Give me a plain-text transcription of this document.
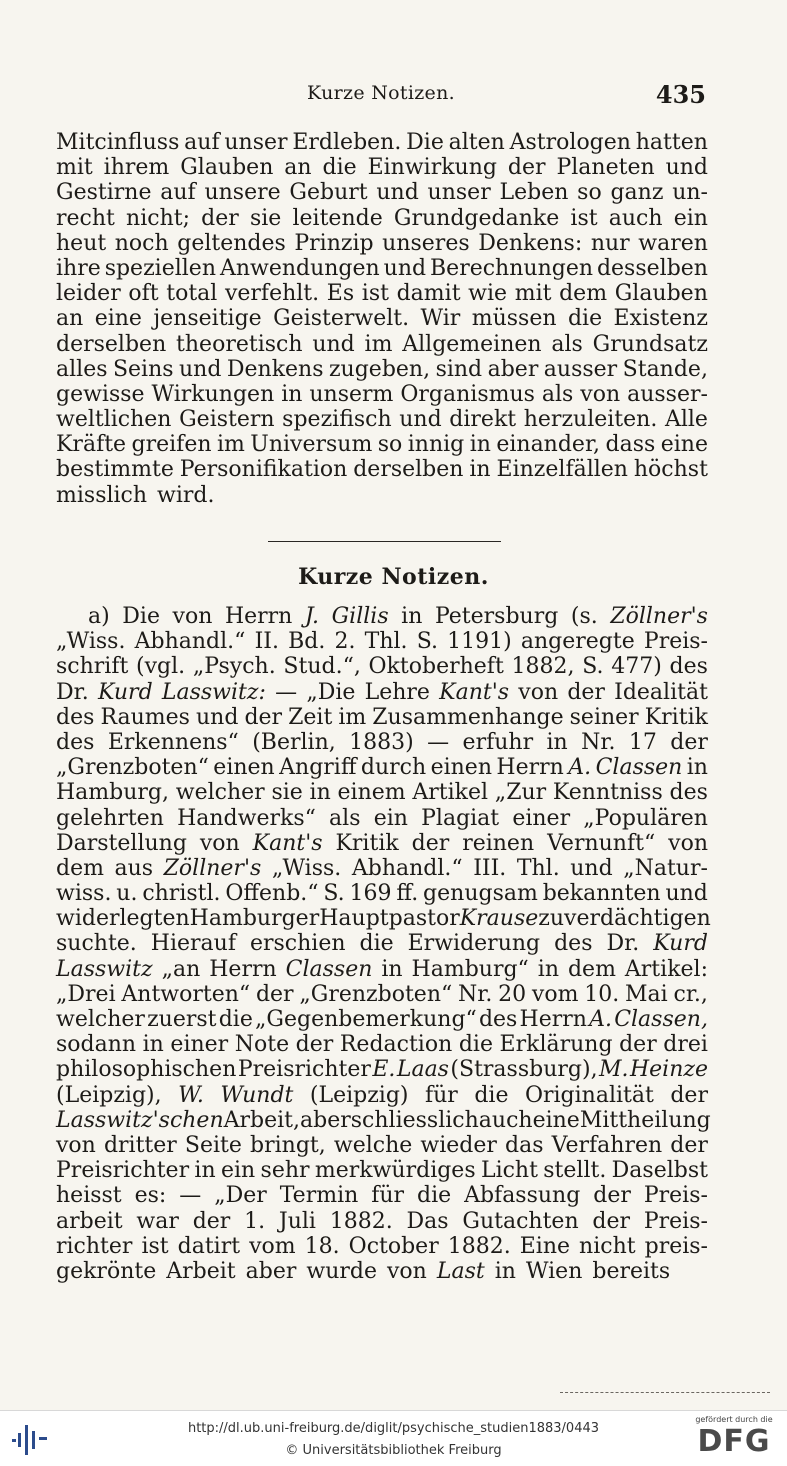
Kurze Notizen.	435
Mitcinfluss auf unser Erdleben. Die alten Astrologen hatten
mit ihrem Glauben an die Einwirkung der Planeten und
Gestirne auf unsere Geburt und unser Leben so ganz un-
recht nicht; der sie leitende Grundgedanke ist auch ein
heut noch geltendes Prinzip unseres Denkens: nur waren
ihre speziellen Anwendungen und Berechnungen desselben
leider oft total verfehlt. Es ist damit wie mit dem Glauben
an eine jenseitige Geisterwelt. Wir müssen die Existenz
derselben theoretisch und im Allgemeinen als Grundsatz
alles Seins und Denkens zugeben, sind aber ausser Stande,
gewisse Wirkungen in unserm Organismus als von ausser-
weltlichen Geistern spezifisch und direkt herzuleiten. Alle
Kräfte greifen im Universum so innig in einander, dass eine
bestimmte Personifikation derselben in Einzelfällen höchst
misslich wird.
Kurze Notizen.
a) Die von Herrn J. Gillis in Petersburg (s. Zöllner's
„Wiss. Abhandl.“ II. Bd. 2. Thl. S. 1191) angeregte Preis-
schrift (vgl. „Psych. Stud.“, Oktoberheft 1882, S. 477) des
Dr. Kurd Lasswitz: — „Die Lehre Kant's von der Idealität
des Raumes und der Zeit im Zusammenhange seiner Kritik
des Erkennens“ (Berlin, 1883) — erfuhr in Nr. 17 der
„Grenzboten“ einen Angriff durch einen Herrn A. Classen in
Hamburg, welcher sie in einem Artikel „Zur Kenntniss des
gelehrten Handwerks“ als ein Plagiat einer „Populären
Darstellung von Kant's Kritik der reinen Vernunft“ von
dem aus Zöllner's „Wiss. Abhandl.“ III. Thl. und „Natur-
wiss. u. christl. Offenb.“ S. 169 ff. genugsam bekannten und
widerlegten Hamburger Hauptpastor Krause zu verdächtigen
suchte. Hierauf erschien die Erwiderung des Dr. Kurd
Lasswitz „an Herrn Classen in Hamburg“ in dem Artikel:
„Drei Antworten“ der „Grenzboten“ Nr. 20 vom 10. Mai cr.,
welcher zuerst die „Gegenbemerkung“ des Herrn A. Classen,
sodann in einer Note der Redaction die Erklärung der drei
philosophischen Preisrichter E. Laas (Strassburg), M. Heinze
(Leipzig), W. Wundt (Leipzig) für die Originalität der
Lasswitz'schen Arbeit, aber schliesslich auch eine Mittheilung
von dritter Seite bringt, welche wieder das Verfahren der
Preisrichter in ein sehr merkwürdiges Licht stellt. Daselbst
heisst es: — „Der Termin für die Abfassung der Preis-
arbeit war der 1. Juli 1882. Das Gutachten der Preis-
richter ist datirt vom 18. October 1882. Eine nicht preis-
gekrönte Arbeit aber wurde von Last in Wien bereits
http://dl.ub.uni-freiburg.de/diglit/psychische_studien1883/0443
© Universitätsbibliothek Freiburg
gefördert durch die
DFG
